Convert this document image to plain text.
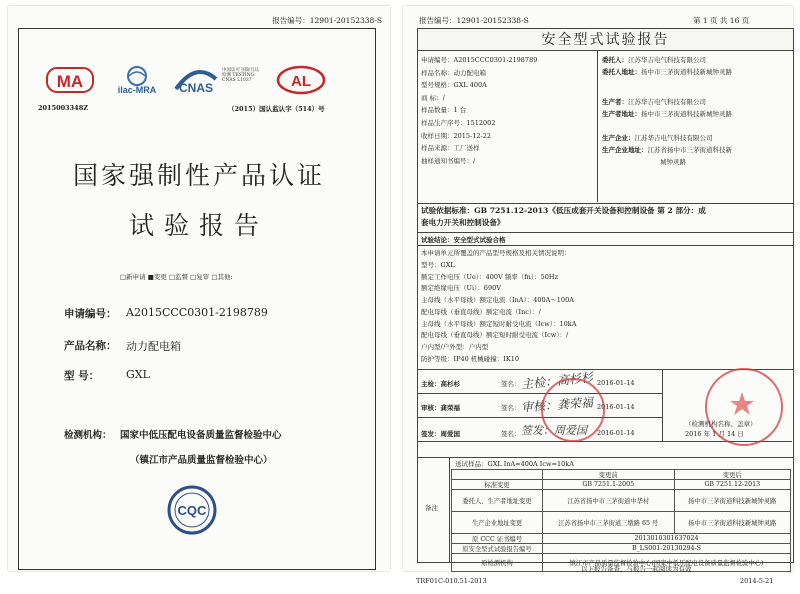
报告编号：12901-20152338-S
MA	ilac-MRA CNAS
中国认可 国际互认 检测 TESTING CNAS L1037	AL
2015003348Z	（2015）国认监认字（514）号
国家强制性产品认证
试验报告
□新申请 ■变更 □监督 □复审 □其他:
申请编号： A2015CCC0301-2198789
产品名称： 动力配电箱
型 号： GXL
检测机构： 国家中低压配电设备质量监督检验中心
（镇江市产品质量监督检验中心）
CQC
报告编号：12901-20152338-S	第 1 页 共 16 页
安全型式试验报告
申请编号：A2015CCC0301-2198789
样品名称：动力配电箱
型号规格：GXL 400A
商 标：/
样品数量：1 台
样品生产序号：1512002
收样日期：2015-12-22
样品来源：工厂送样
抽样通知书编号：/
委托人：江苏华吉电气科技有限公司
委托人地址：扬中市三茅街道科技新城钟灵路
生产者：江苏华吉电气科技有限公司
生产者地址：扬中市三茅街道科技新城钟灵路
生产企业：江苏华吉电气科技有限公司
生产企业地址：江苏省扬中市三茅街道科技新
城钟灵路
试验依据标准：GB 7251.12-2013《低压成套开关设备和控制设备 第 2 部分：成
套电力开关和控制设备》
试验结论：安全型式试验合格
本申请单元所覆盖的产品型号规格及相关情况说明：
型号：GXL
额定工作电压（Ue）：400V 频率（fn）：50Hz
额定绝缘电压（Ui）：690V
主母线（水平母线）额定电流（InA）：400A～100A
配电母线（垂直母线）额定电流（Inc）：/
主母线（水平母线）额定短时耐受电流（Icw）：10kA
配电母线（垂直母线）额定短时耐受电流（Icw）：/
户内型/户外型：户内型
防护等级：IP40 机械碰撞：IK10
主检：高杉杉	签名： 主检：高杉杉 2016-01-14
审核：龚荣福	签名： 审核：龚荣福 2016-01-14
签发：周爱国	签名： 签发：周爱国 2016-01-14
（检测机构名称、盖章）
2016 年 1 月 14 日
备注
送试样品：GXL InA=400A Icw=10kA
	变更前	变更后
标准变更	GB 7251.1-2005	GB 7251.12-2013
委托人、生产者地址变更	江苏省扬中市三茅街道中华村	扬中市三茅街道科技新城钟灵路
生产企业地址变更	江苏省扬中市三茅街道三墩路 65 号	扬中市三茅街道科技新城钟灵路
原 CCC 证书编号	2013010301637024	
原安全型式试验报告编号	B_LS001-20130294-S	
原检测机构	镇江市产品质量监督检验中心(国家中低压配电设备质量监督检验中心)	
以下报告备查，与报告一起阅读为有效
TRF01C-010.51-2013	2014-5-21
